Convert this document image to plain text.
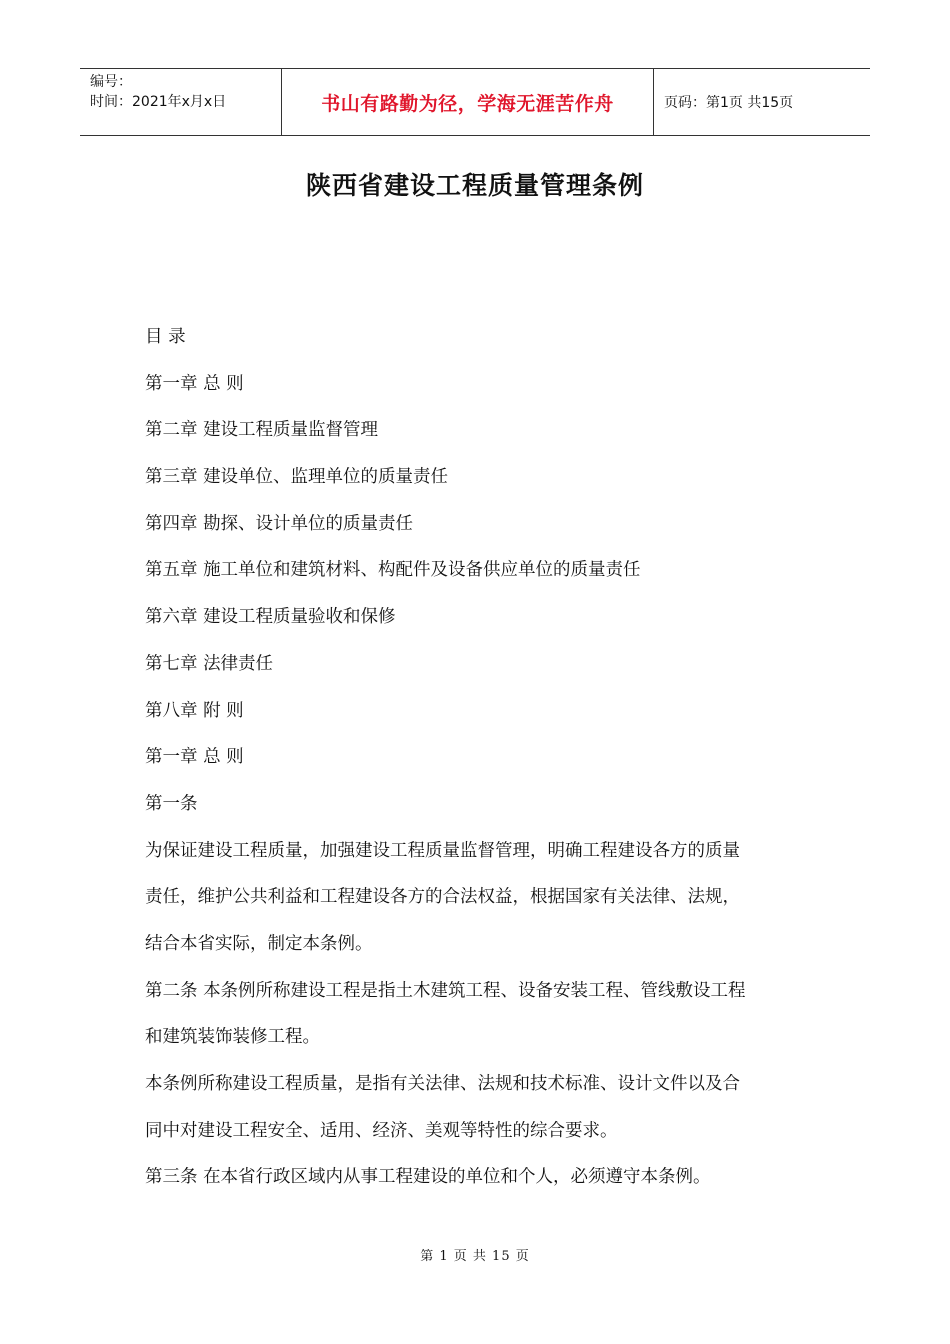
编号：
时间：2021年x月x日	书山有路勤为径，学海无涯苦作舟	页码：第1页 共15页
陕西省建设工程质量管理条例
目 录
第一章 总 则
第二章 建设工程质量监督管理
第三章 建设单位、监理单位的质量责任
第四章 勘探、设计单位的质量责任
第五章 施工单位和建筑材料、构配件及设备供应单位的质量责任
第六章 建设工程质量验收和保修
第七章 法律责任
第八章 附 则
第一章 总 则
第一条
为保证建设工程质量，加强建设工程质量监督管理，明确工程建设各方的质量
责任，维护公共利益和工程建设各方的合法权益，根据国家有关法律、法规，
结合本省实际，制定本条例。
第二条 本条例所称建设工程是指土木建筑工程、设备安装工程、管线敷设工程
和建筑装饰装修工程。
本条例所称建设工程质量，是指有关法律、法规和技术标准、设计文件以及合
同中对建设工程安全、适用、经济、美观等特性的综合要求。
第三条 在本省行政区域内从事工程建设的单位和个人，必须遵守本条例。
第 1 页 共 15 页
